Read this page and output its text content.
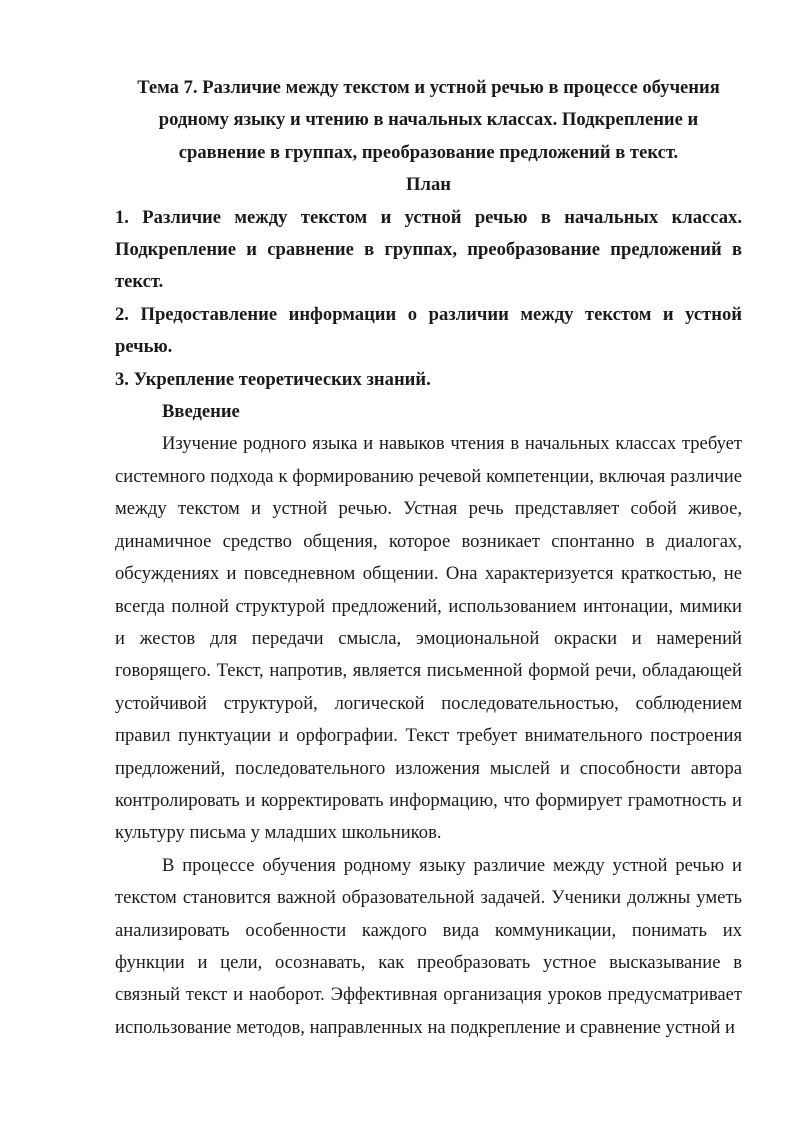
Тема 7. Различие между текстом и устной речью в процессе обучения родному языку и чтению в начальных классах. Подкрепление и сравнение в группах, преобразование предложений в текст.

План

1. Различие между текстом и устной речью в начальных классах. Подкрепление и сравнение в группах, преобразование предложений в текст.

2. Предоставление информации о различии между текстом и устной речью.

3. Укрепление теоретических знаний.

Введение

Изучение родного языка и навыков чтения в начальных классах требует системного подхода к формированию речевой компетенции, включая различие между текстом и устной речью. Устная речь представляет собой живое, динамичное средство общения, которое возникает спонтанно в диалогах, обсуждениях и повседневном общении. Она характеризуется краткостью, не всегда полной структурой предложений, использованием интонации, мимики и жестов для передачи смысла, эмоциональной окраски и намерений говорящего. Текст, напротив, является письменной формой речи, обладающей устойчивой структурой, логической последовательностью, соблюдением правил пунктуации и орфографии. Текст требует внимательного построения предложений, последовательного изложения мыслей и способности автора контролировать и корректировать информацию, что формирует грамотность и культуру письма у младших школьников.

В процессе обучения родному языку различие между устной речью и текстом становится важной образовательной задачей. Ученики должны уметь анализировать особенности каждого вида коммуникации, понимать их функции и цели, осознавать, как преобразовать устное высказывание в связный текст и наоборот. Эффективная организация уроков предусматривает использование методов, направленных на подкрепление и сравнение устной и
